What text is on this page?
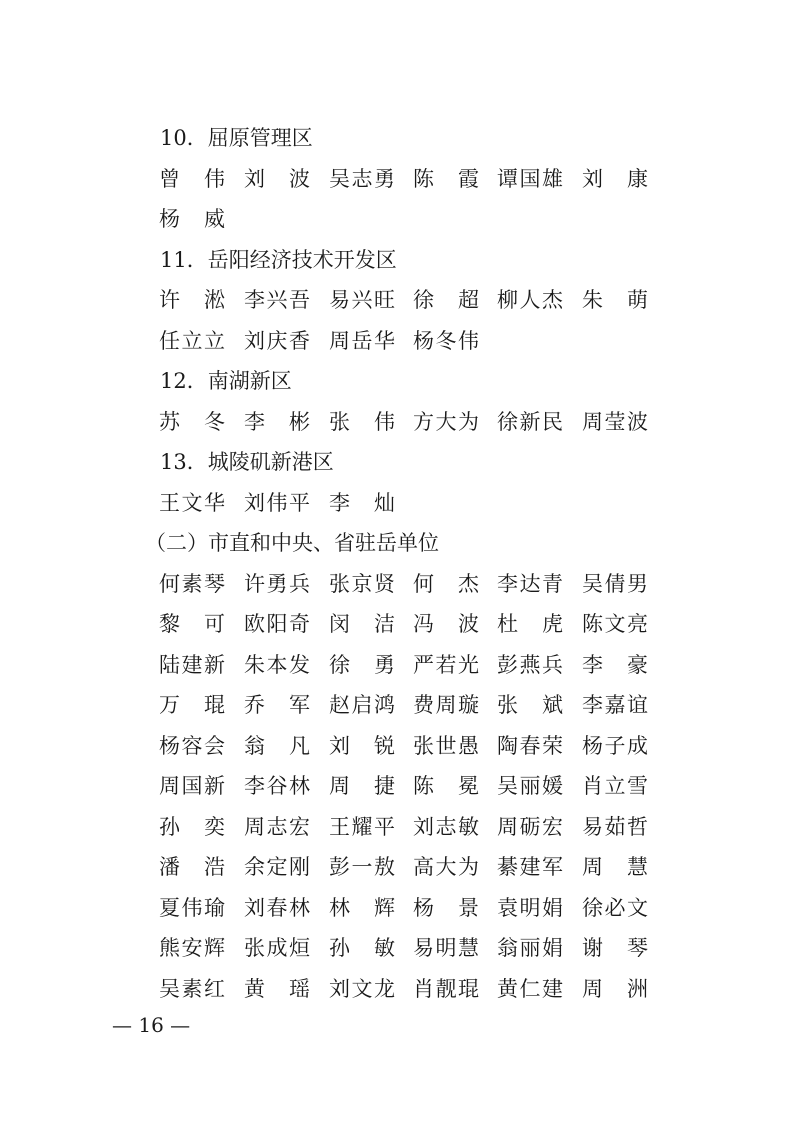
10．屈原管理区
曾　伟 刘　波 吴志勇 陈　霞 谭国雄 刘　康
杨　威
11．岳阳经济技术开发区
许　淞 李兴吾 易兴旺 徐　超 柳人杰 朱　萌
任立立 刘庆香 周岳华 杨冬伟
12．南湖新区
苏　冬 李　彬 张　伟 方大为 徐新民 周莹波
13．城陵矶新港区
王文华 刘伟平 李　灿
（二）市直和中央、省驻岳单位
何素琴 许勇兵 张京贤 何　杰 李达青 吴倩男
黎　可 欧阳奇 闵　洁 冯　波 杜　虎 陈文亮
陆建新 朱本发 徐　勇 严若光 彭燕兵 李　豪
万　琨 乔　军 赵启鸿 费周璇 张　斌 李嘉谊
杨容会 翁　凡 刘　锐 张世愚 陶春荣 杨子成
周国新 李谷林 周　捷 陈　冕 吴丽媛 肖立雪
孙　奕 周志宏 王耀平 刘志敏 周砺宏 易茹哲
潘　浩 余定刚 彭一敖 高大为 綦建军 周　慧
夏伟瑜 刘春林 林　辉 杨　景 袁明娟 徐必文
熊安辉 张成烜 孙　敏 易明慧 翁丽娟 谢　琴
吴素红 黄　瑶 刘文龙 肖靓琨 黄仁建 周　洲
— 16 —
